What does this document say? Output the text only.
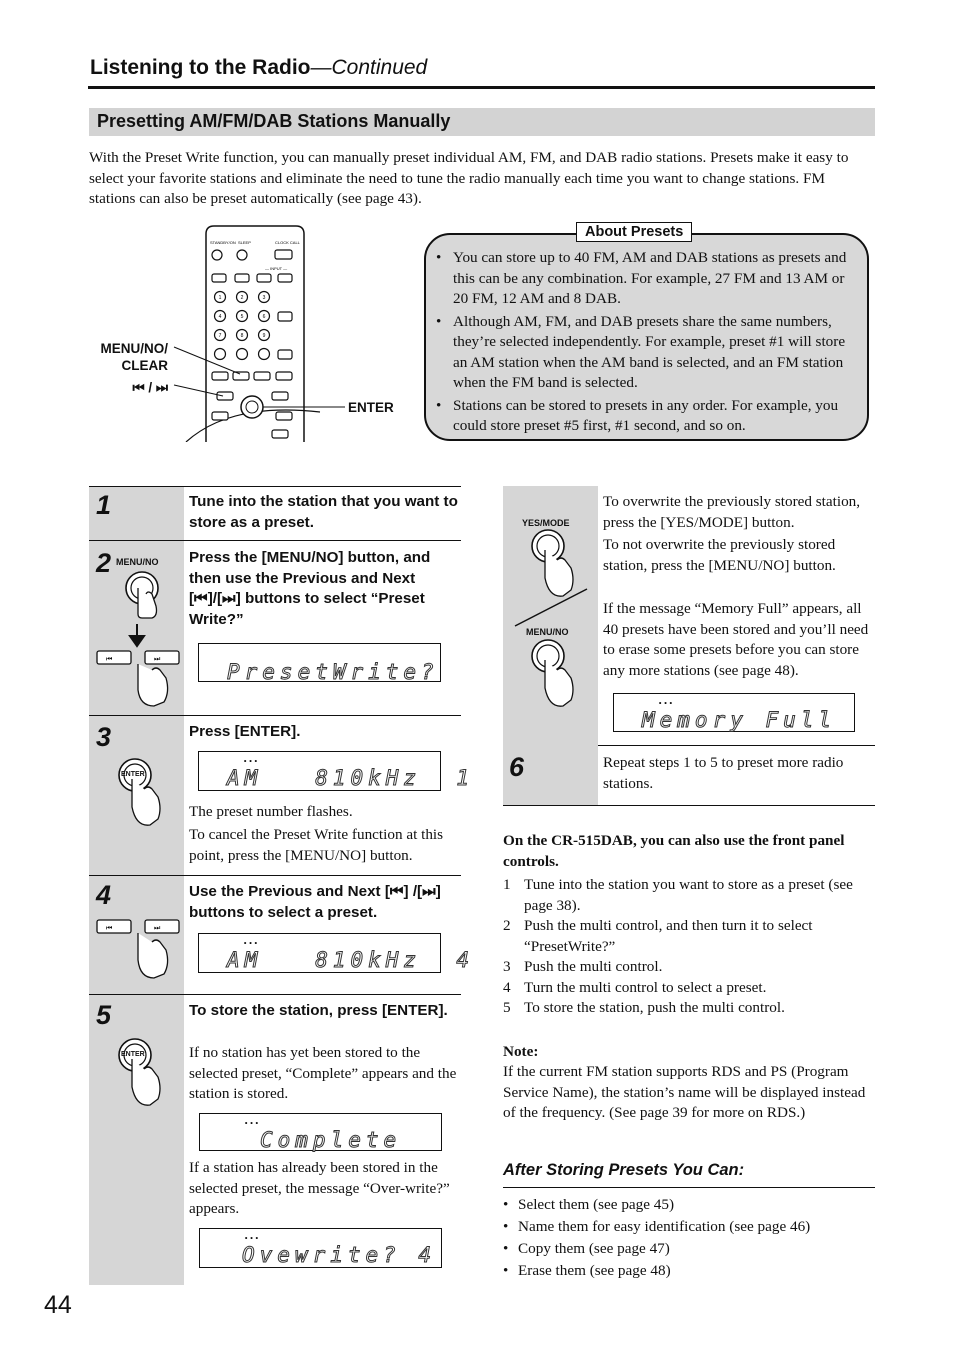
Listening to the Radio—Continued
Presetting AM/FM/DAB Stations Manually
With the Preset Write function, you can manually preset individual AM, FM, and DAB radio stations. Presets make it easy to select your favorite stations and eliminate the need to tune the radio manually each time you want to change stations. FM stations can also be preset automatically (see page 43).
STANDBY/ON SLEEP	CLOCK CALL
— INPUT —
1	2	3
4	5	6
7	8	9
MENU/NO/
CLEAR
⏮ / ⏭
ENTER
• You can store up to 40 FM, AM and DAB stations as presets and this can be any combination. For example, 27 FM and 13 AM or 20 FM, 12 AM and 8 DAB.
• Although AM, FM, and DAB presets share the same numbers, they’re selected independently. For example, preset #1 will store an AM station when the AM band is selected, and an FM station when the FM band is selected.
• Stations can be stored to presets in any order. For example, you could store preset #5 first, #1 second, and so on.
About Presets
1	Tune into the station that you want to store as a preset.
2 MENU/NO
⏮	⏭
Press the [MENU/NO] button, and then use the Previous and Next [⏮]/[⏭] buttons to select “Preset Write?”
PresetWrite?
3
ENTER
Press [ENTER].
···
AM   810kHz  1
The preset number flashes.
To cancel the Preset Write function at this point, press the [MENU/NO] button.
4
⏮	⏭
Use the Previous and Next [⏮] /[⏭] buttons to select a preset.
···
AM   810kHz  4
5
ENTER
To store the station, press [ENTER].
If no station has yet been stored to the selected preset, “Complete” appears and the station is stored.
···
Complete
If a station has already been stored in the selected preset, the message “Over-write?” appears.
···
Ovewrite? 4
YES/MODE
MENU/NO
To overwrite the previously stored station, press the [YES/MODE] button.
To not overwrite the previously stored station, press the [MENU/NO] button.
If the message “Memory Full” appears, all 40 presets have been stored and you’ll need to erase some presets before you can store any more stations (see page 48).
···
Memory Full
6	Repeat steps 1 to 5 to preset more radio stations.
On the CR-515DAB, you can also use the front panel controls.
1 Tune into the station you want to store as a preset (see page 38).
2 Push the multi control, and then turn it to select “PresetWrite?”
3 Push the multi control.
4 Turn the multi control to select a preset.
5 To store the station, push the multi control.
Note:
If the current FM station supports RDS and PS (Program Service Name), the station’s name will be displayed instead of the frequency. (See page 39 for more on RDS.)
After Storing Presets You Can:
• Select them (see page 45)
• Name them for easy identification (see page 46)
• Copy them (see page 47)
• Erase them (see page 48)
44
